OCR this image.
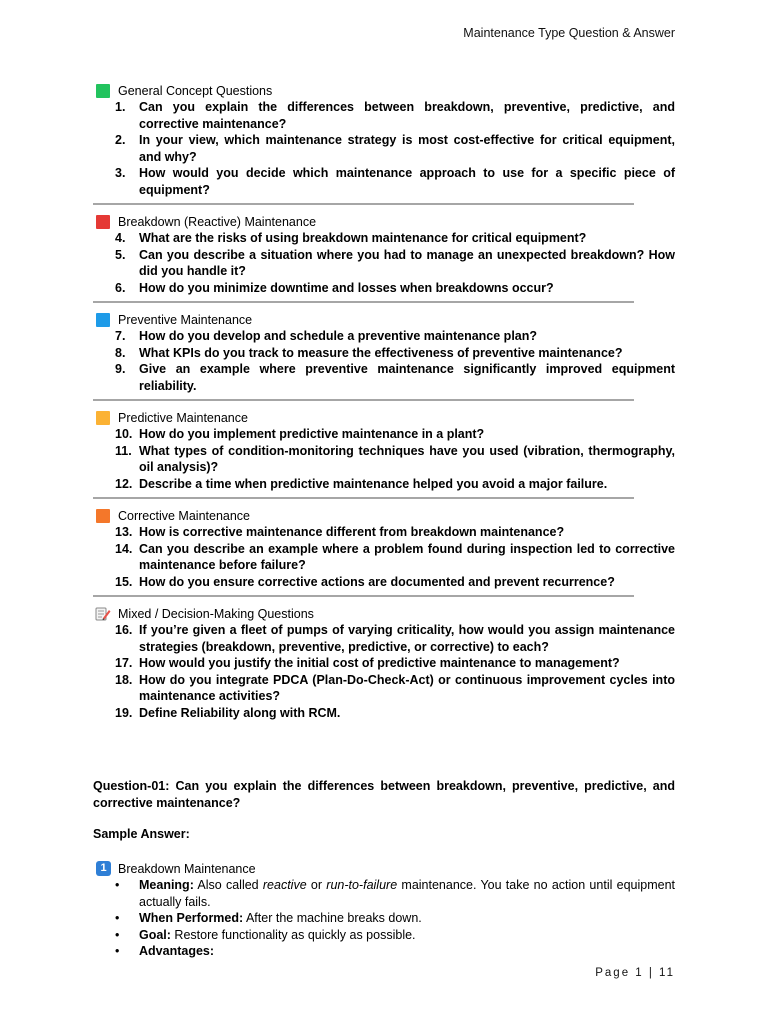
Maintenance Type Question & Answer
General Concept Questions
1.	Can you explain the differences between breakdown, preventive, predictive, and corrective maintenance?
2.	In your view, which maintenance strategy is most cost-effective for critical equipment, and why?
3.	How would you decide which maintenance approach to use for a specific piece of equipment?
Breakdown (Reactive) Maintenance
4.	What are the risks of using breakdown maintenance for critical equipment?
5.	Can you describe a situation where you had to manage an unexpected breakdown? How did you handle it?
6.	How do you minimize downtime and losses when breakdowns occur?
Preventive Maintenance
7.	How do you develop and schedule a preventive maintenance plan?
8.	What KPIs do you track to measure the effectiveness of preventive maintenance?
9.	Give an example where preventive maintenance significantly improved equipment reliability.
Predictive Maintenance
10. How do you implement predictive maintenance in a plant?
11. What types of condition-monitoring techniques have you used (vibration, thermography, oil analysis)?
12. Describe a time when predictive maintenance helped you avoid a major failure.
Corrective Maintenance
13. How is corrective maintenance different from breakdown maintenance?
14. Can you describe an example where a problem found during inspection led to corrective maintenance before failure?
15. How do you ensure corrective actions are documented and prevent recurrence?
Mixed / Decision-Making Questions
16. If you’re given a fleet of pumps of varying criticality, how would you assign maintenance strategies (breakdown, preventive, predictive, or corrective) to each?
17. How would you justify the initial cost of predictive maintenance to management?
18. How do you integrate PDCA (Plan-Do-Check-Act) or continuous improvement cycles into maintenance activities?
19. Define Reliability along with RCM.
Question-01: Can you explain the differences between breakdown, preventive, predictive, and corrective maintenance?
Sample Answer:
1 Breakdown Maintenance
•	Meaning: Also called reactive or run-to-failure maintenance. You take no action until equipment actually fails.
•	When Performed: After the machine breaks down.
•	Goal: Restore functionality as quickly as possible.
•	Advantages:
Page 1 | 11
